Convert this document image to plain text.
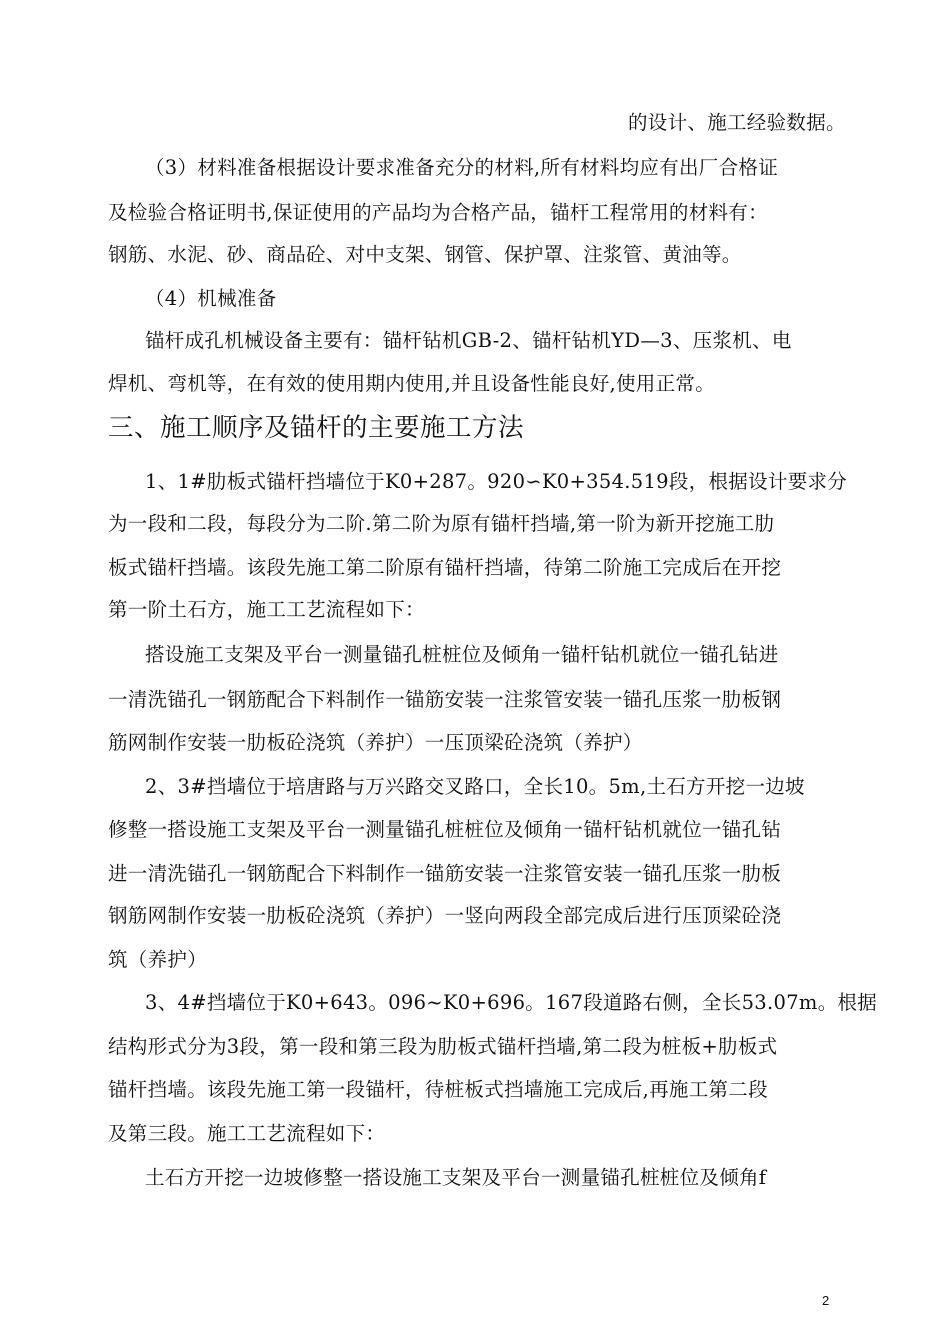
的设计、施工经验数据。
（3）材料准备根据设计要求准备充分的材料,所有材料均应有出厂合格证
及检验合格证明书,保证使用的产品均为合格产品，锚杆工程常用的材料有：
钢筋、水泥、砂、商品砼、对中支架、钢管、保护罩、注浆管、黄油等。
（4）机械准备
锚杆成孔机械设备主要有：锚杆钻机GB-2、锚杆钻机YD—3、压浆机、电
焊机、弯机等，在有效的使用期内使用,并且设备性能良好,使用正常。
三、施工顺序及锚杆的主要施工方法
1、1#肋板式锚杆挡墙位于K0+287。920∽K0+354.519段，根据设计要求分
为一段和二段，每段分为二阶.第二阶为原有锚杆挡墙,第一阶为新开挖施工肋
板式锚杆挡墙。该段先施工第二阶原有锚杆挡墙，待第二阶施工完成后在开挖
第一阶土石方，施工工艺流程如下：
搭设施工支架及平台一测量锚孔桩桩位及倾角一锚杆钻机就位一锚孔钻进
一清洗锚孔一钢筋配合下料制作一锚筋安装一注浆管安装一锚孔压浆一肋板钢
筋网制作安装一肋板砼浇筑（养护）一压顶梁砼浇筑（养护）
2、3#挡墙位于培唐路与万兴路交叉路口，全长10。5m,土石方开挖一边坡
修整一搭设施工支架及平台一测量锚孔桩桩位及倾角一锚杆钻机就位一锚孔钻
进一清洗锚孔一钢筋配合下料制作一锚筋安装一注浆管安装一锚孔压浆一肋板
钢筋网制作安装一肋板砼浇筑（养护）一竖向两段全部完成后进行压顶梁砼浇
筑（养护）
3、4#挡墙位于K0+643。096~K0+696。167段道路右侧，全长53.07m。根据
结构形式分为3段，第一段和第三段为肋板式锚杆挡墙,第二段为桩板+肋板式
锚杆挡墙。该段先施工第一段锚杆，待桩板式挡墙施工完成后,再施工第二段
及第三段。施工工艺流程如下：
土石方开挖一边坡修整一搭设施工支架及平台一测量锚孔桩桩位及倾角f
2
